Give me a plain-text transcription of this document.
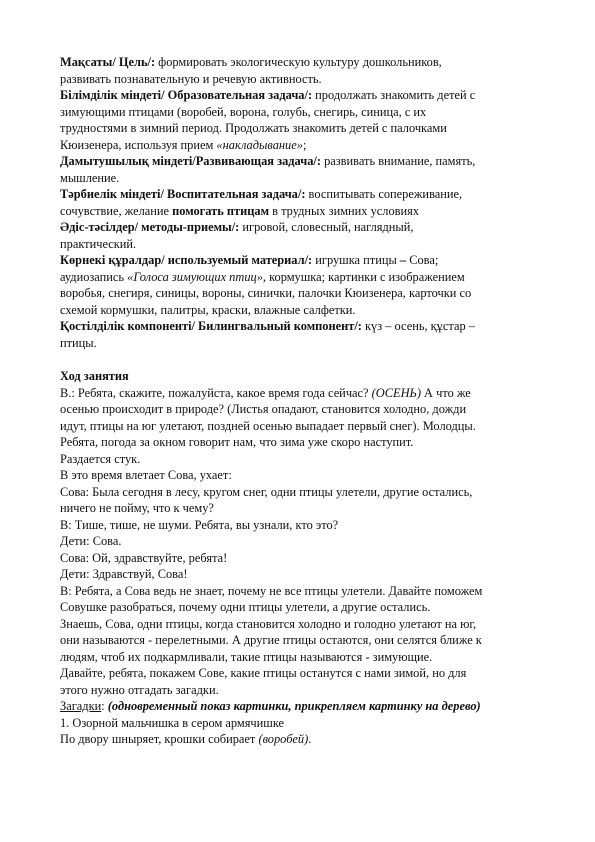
Мақсаты/ Цель/: формировать экологическую культуру дошкольников,
развивать познавательную и речевую активность.
Білімділік міндеті/ Образовательная задача/: продолжать знакомить детей с
зимующими птицами (воробей, ворона, голубь, снегирь, синица, с их
трудностями в зимний период. Продолжать знакомить детей с палочками
Кюизенера, используя прием «накладывание»;
Дамытушылық міндеті/Развивающая задача/: развивать внимание, память,
мышление.
Тәрбиелік міндеті/ Воспитательная задача/: воспитывать сопереживание,
сочувствие, желание помогать птицам в трудных зимних условиях
Әдіс-тәсілдер/ методы-приемы/: игровой, словесный, наглядный,
практический.
Көрнекі құралдар/ используемый материал/: игрушка птицы – Сова;
аудиозапись «Голоса зимующих птиц», кормушка; картинки с изображением
воробья, снегиря, синицы, вороны, синички, палочки Кюизенера, карточки со
схемой кормушки, палитры, краски, влажные салфетки.
Қостілділік компоненті/ Билингвальный компонент/: күз – осень, құстар –
птицы.
Ход занятия
В.: Ребята, скажите, пожалуйста, какое время года сейчас? (ОСЕНЬ) А что же
осенью происходит в природе? (Листья опадают, становится холодно, дожди
идут, птицы на юг улетают, поздней осенью выпадает первый снег). Молодцы.
Ребята, погода за окном говорит нам, что зима уже скоро наступит.
Раздается стук.
В это время влетает Сова, ухает:
Сова: Была сегодня в лесу, кругом снег, одни птицы улетели, другие остались,
ничего не пойму, что к чему?
В: Тише, тише, не шуми. Ребята, вы узнали, кто это?
Дети: Сова.
Сова: Ой, здравствуйте, ребята!
Дети: Здравствуй, Сова!
В: Ребята, а Сова ведь не знает, почему не все птицы улетели. Давайте поможем
Совушке разобраться, почему одни птицы улетели, а другие остались.
Знаешь, Сова, одни птицы, когда становится холодно и голодно улетают на юг,
они называются - перелетными. А другие птицы остаются, они селятся ближе к
людям, чтоб их подкармливали, такие птицы называются - зимующие.
Давайте, ребята, покажем Сове, какие птицы останутся с нами зимой, но для
этого нужно отгадать загадки.
Загадки: (одновременный показ картинки, прикрепляем картинку на дерево)
1. Озорной мальчишка в сером армячишке
По двору шныряет, крошки собирает (воробей).
